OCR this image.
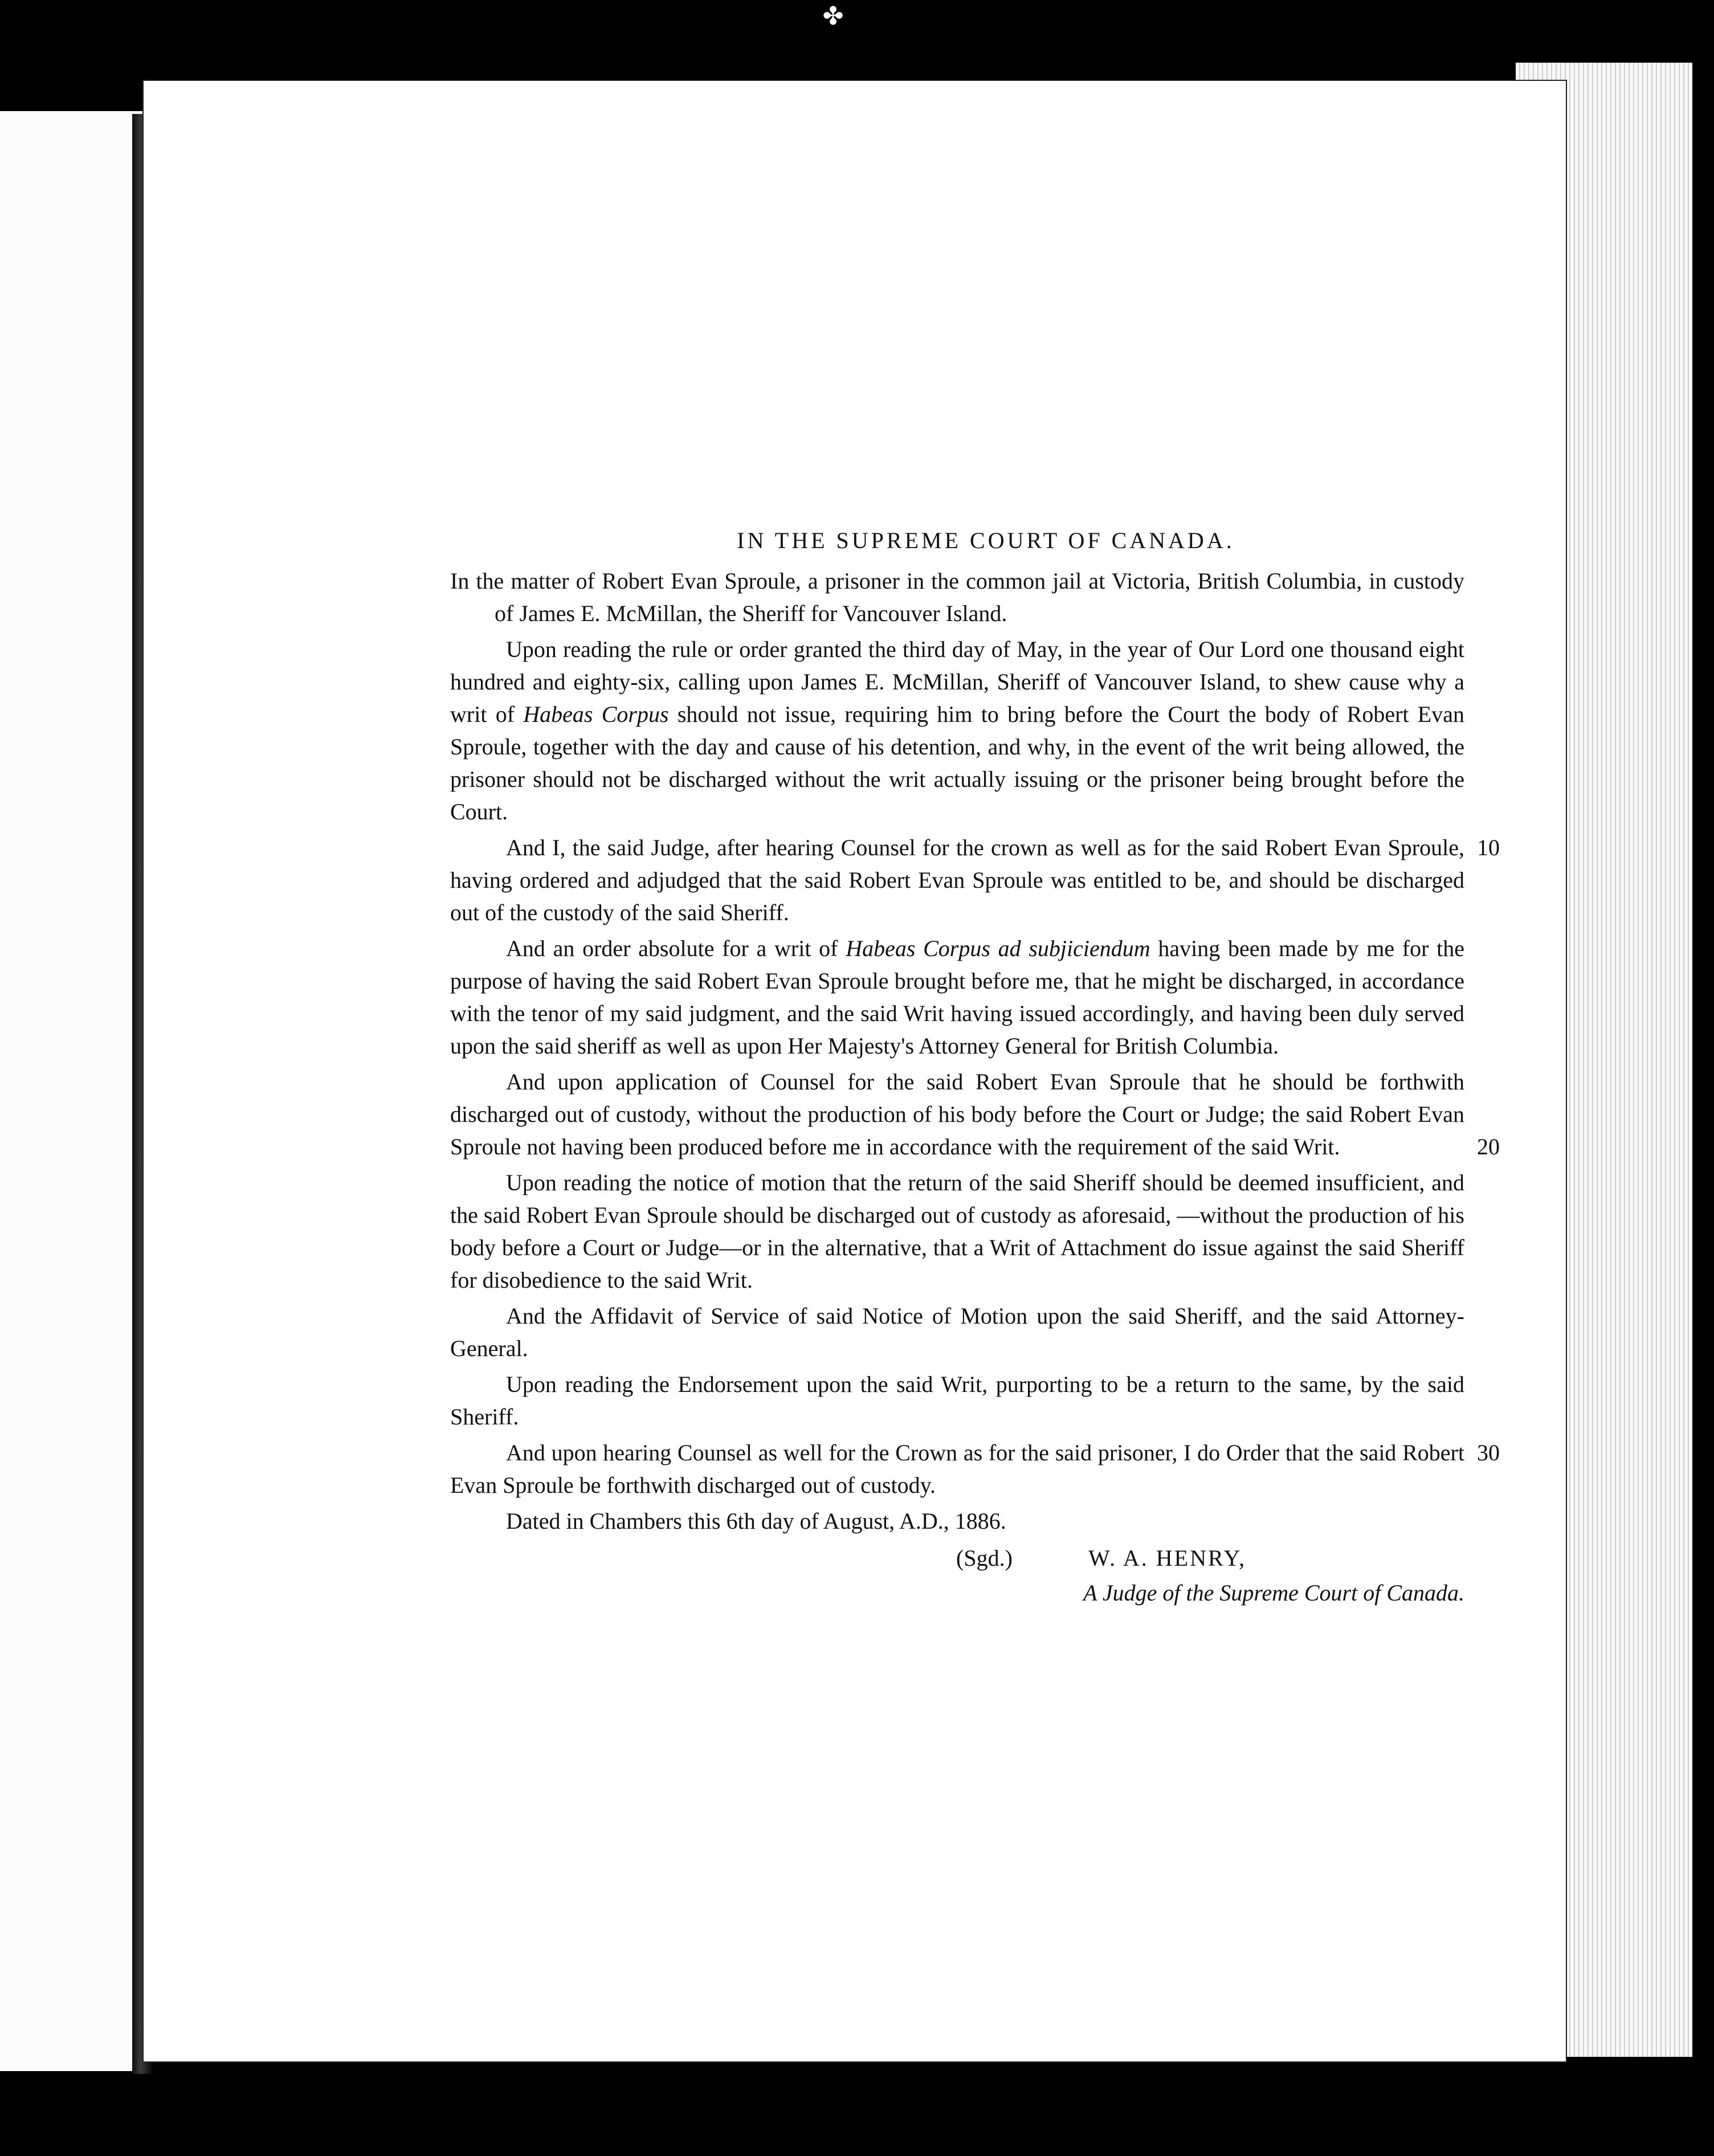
✤
IN THE SUPREME COURT OF CANADA.

In the matter of Robert Evan Sproule, a prisoner in the common jail at Victoria, British Columbia, in custody of James E. McMillan, the Sheriff for Vancouver Island.

Upon reading the rule or order granted the third day of May, in the year of Our Lord one thousand eight hundred and eighty-six, calling upon James E. McMillan, Sheriff of Vancouver Island, to shew cause why a writ of Habeas Corpus should not issue, requiring him to bring before the Court the body of Robert Evan Sproule, together with the day and cause of his detention, and why, in the event of the writ being allowed, the prisoner should not be discharged without the writ actually issuing or the prisoner being brought before the Court.

And I, the said Judge, after hearing Counsel for the crown as well as for the said Robert Evan Sproule, having ordered and adjudged that the said Robert Evan Sproule was entitled to be, and should be discharged out of the custody of the said Sheriff.
10

And an order absolute for a writ of Habeas Corpus ad subjiciendum having been made by me for the purpose of having the said Robert Evan Sproule brought before me, that he might be discharged, in accordance with the tenor of my said judgment, and the said Writ having issued accordingly, and having been duly served upon the said sheriff as well as upon Her Majesty's Attorney General for British Columbia.

And upon application of Counsel for the said Robert Evan Sproule that he should be forthwith discharged out of custody, without the production of his body before the Court or Judge; the said Robert Evan Sproule not having been produced before me in accordance with the requirement of the said Writ.	20

Upon reading the notice of motion that the return of the said Sheriff should be deemed insufficient, and the said Robert Evan Sproule should be discharged out of custody as aforesaid, —without the production of his body before a Court or Judge—or in the alternative, that a Writ of Attachment do issue against the said Sheriff for disobedience to the said Writ.

And the Affidavit of Service of said Notice of Motion upon the said Sheriff, and the said Attorney-General.

Upon reading the Endorsement upon the said Writ, purporting to be a return to the same, by the said Sheriff.

And upon hearing Counsel as well for the Crown as for the said prisoner, I do Order that the said Robert Evan Sproule be forthwith discharged out of custody.
30

Dated in Chambers this 6th day of August, A.D., 1886.

(Sgd.)	W. A. HENRY,
A Judge of the Supreme Court of Canada.
